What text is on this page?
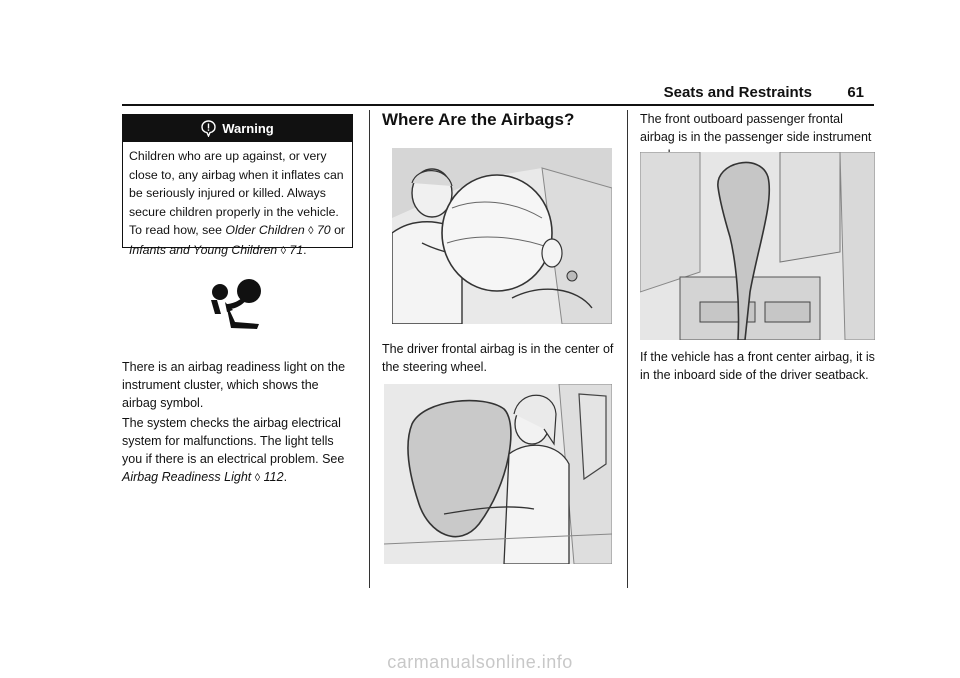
Seats and Restraints 61
Warning
Children who are up against, or very close to, any airbag when it inflates can be seriously injured or killed. Always secure children properly in the vehicle. To read how, see Older Children ◊ 70 or Infants and Young Children ◊ 71.

There is an airbag readiness light on the instrument cluster, which shows the airbag symbol.

The system checks the airbag electrical system for malfunctions. The light tells you if there is an electrical problem. See Airbag Readiness Light ◊ 112.

Where Are the Airbags?

The driver frontal airbag is in the center of the steering wheel.

The front outboard passenger frontal airbag is in the passenger side instrument

If the vehicle has a front center airbag, it is in the inboard side of the driver seatback.

carmanualsonline.info
